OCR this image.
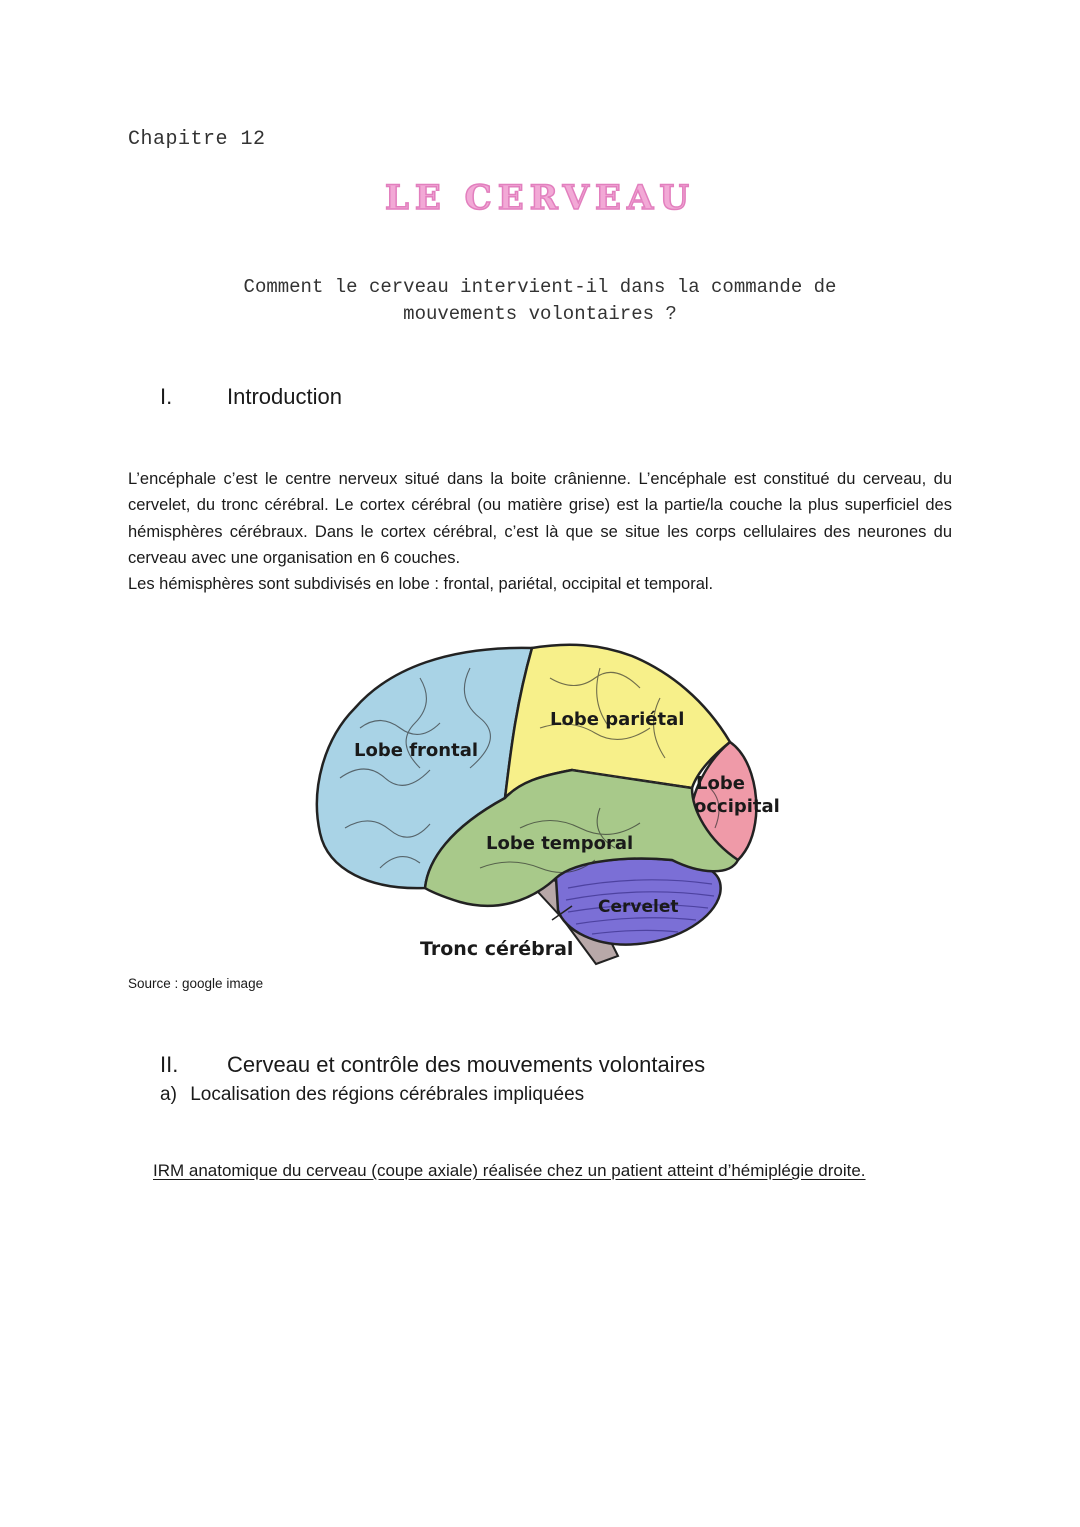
Chapitre 12
LE CERVEAU
Comment le cerveau intervient-il dans la commande de
mouvements volontaires ?
I. Introduction

L’encéphale c’est le centre nerveux situé dans la boite crânienne. L’encéphale est constitué du cerveau, du cervelet, du tronc cérébral. Le cortex cérébral (ou matière grise) est la partie/la couche la plus superficiel des hémisphères cérébraux. Dans le cortex cérébral, c’est là que se situe les corps cellulaires des neurones du cerveau avec une organisation en 6 couches.

Les hémisphères sont subdivisés en lobe : frontal, pariétal, occipital et temporal.

Lobe frontal
Lobe pariétal
Lobe
occipital
Lobe temporal
Cervelet
Tronc cérébral
Source : google image
II. Cerveau et contrôle des mouvements volontaires
a) Localisation des régions cérébrales impliquées
IRM anatomique du cerveau (coupe axiale) réalisée chez un patient atteint d’hémiplégie droite.
